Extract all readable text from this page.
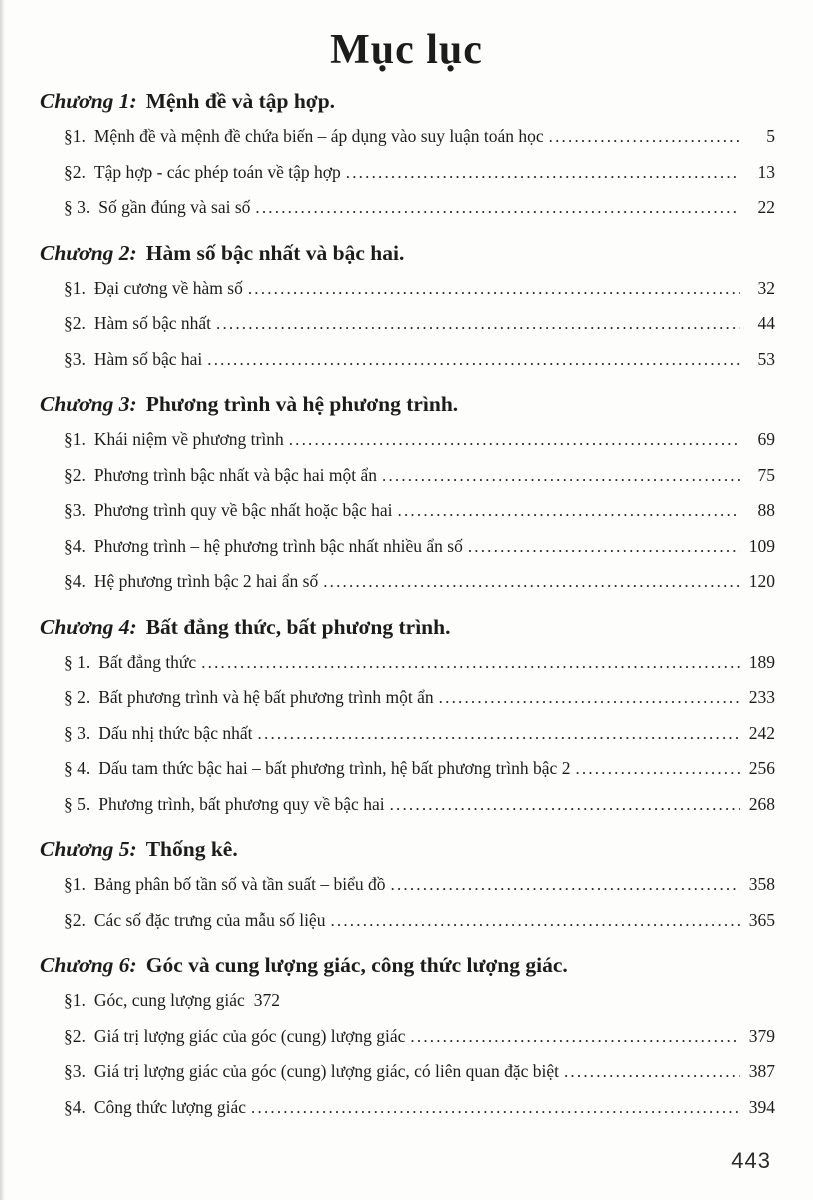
Mục lục
Chương 1: Mệnh đề và tập hợp.
§1. Mệnh đề và mệnh đề chứa biến – áp dụng vào suy luận toán học .....	5
§2. Tập hợp - các phép toán về tập hợp .....	13
§ 3. Số gần đúng và sai số .....	22
Chương 2: Hàm số bậc nhất và bậc hai.
§1. Đại cương về hàm số .....	32
§2. Hàm số bậc nhất .....	44
§3. Hàm số bậc hai .....	53
Chương 3: Phương trình và hệ phương trình.
§1. Khái niệm về phương trình .....	69
§2. Phương trình bậc nhất và bậc hai một ẩn .....	75
§3. Phương trình quy về bậc nhất hoặc bậc hai .....	88
§4. Phương trình – hệ phương trình bậc nhất nhiều ẩn số .....	109
§4. Hệ phương trình bậc 2 hai ẩn số .....	120
Chương 4: Bất đẳng thức, bất phương trình.
§ 1. Bất đẳng thức .....	189
§ 2. Bất phương trình và hệ bất phương trình một ẩn .....	233
§ 3. Dấu nhị thức bậc nhất .....	242
§ 4. Dấu tam thức bậc hai – bất phương trình, hệ bất phương trình bậc 2 .....	256
§ 5. Phương trình, bất phương quy về bậc hai .....	268
Chương 5: Thống kê.
§1. Bảng phân bố tần số và tần suất – biểu đồ .....	358
§2. Các số đặc trưng của mẫu số liệu .....	365
Chương 6: Góc và cung lượng giác, công thức lượng giác.
§1. Góc, cung lượng giác 372
§2. Giá trị lượng giác của góc (cung) lượng giác .....	379
§3. Giá trị lượng giác của góc (cung) lượng giác, có liên quan đặc biệt .....	387
§4. Công thức lượng giác .....	394
443
